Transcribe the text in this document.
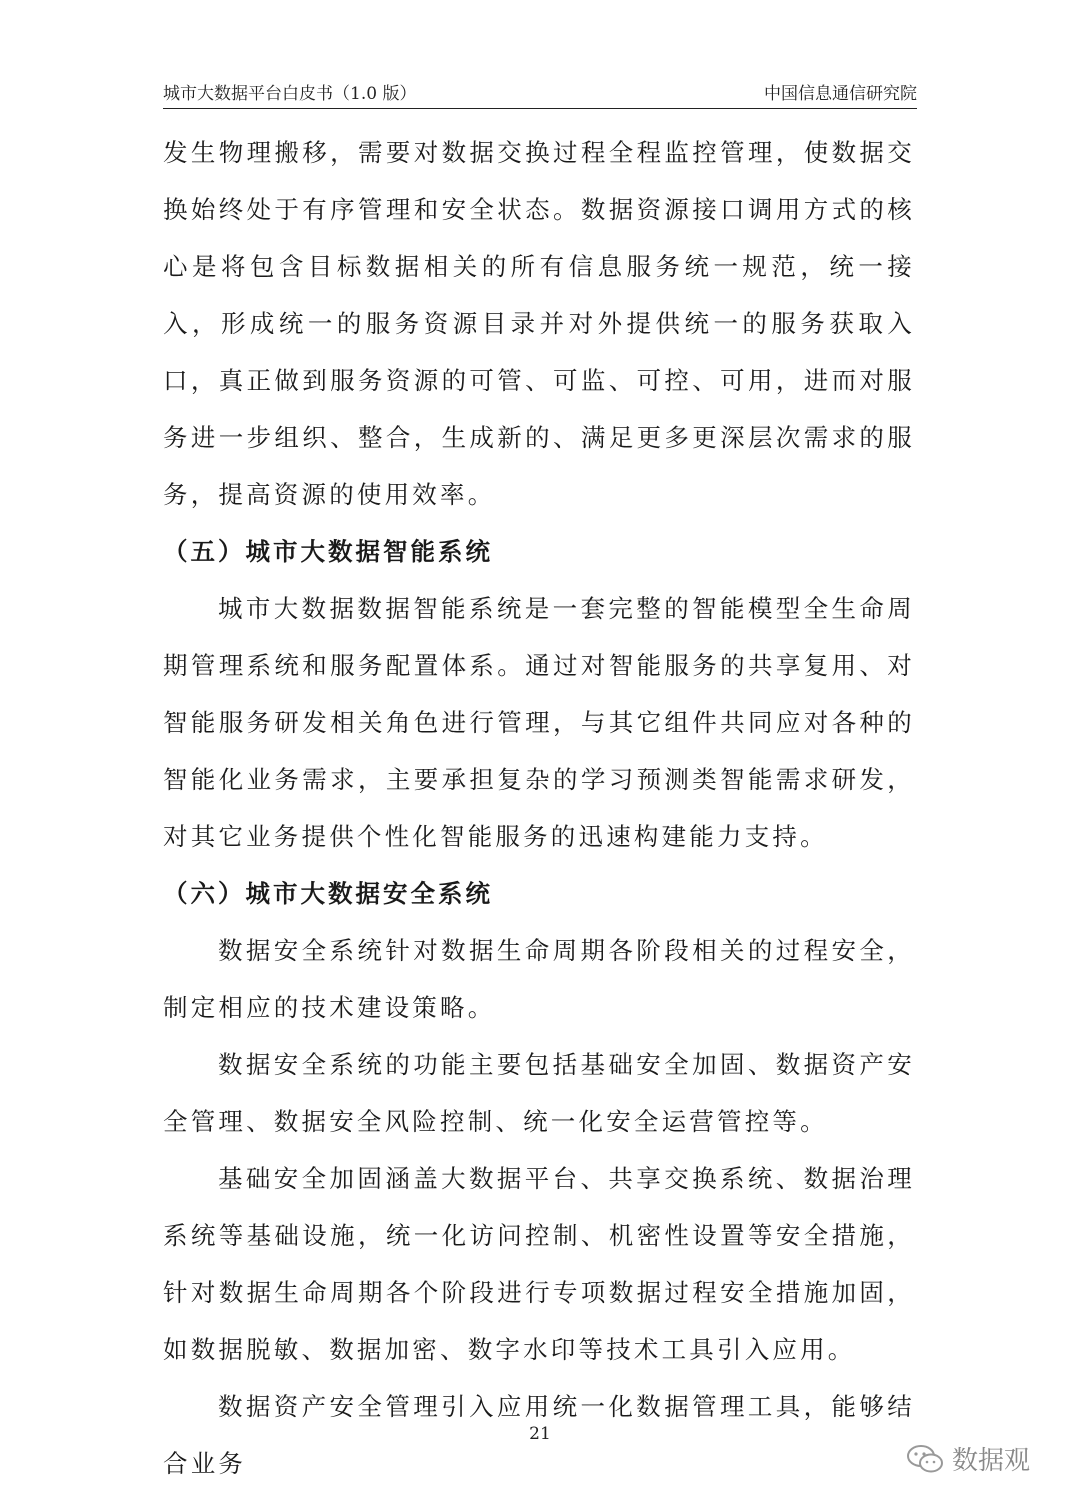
城市大数据平台白皮书（1.0 版）	中国信息通信研究院

发生物理搬移，需要对数据交换过程全程监控管理，使数据交换始终处于有序管理和安全状态。数据资源接口调用方式的核心是将包含目标数据相关的所有信息服务统一规范，统一接入，形成统一的服务资源目录并对外提供统一的服务获取入口，真正做到服务资源的可管、可监、可控、可用，进而对服务进一步组织、整合，生成新的、满足更多更深层次需求的服务，提高资源的使用效率。

（五）城市大数据智能系统

城市大数据数据智能系统是一套完整的智能模型全生命周期管理系统和服务配置体系。通过对智能服务的共享复用、对智能服务研发相关角色进行管理，与其它组件共同应对各种的智能化业务需求，主要承担复杂的学习预测类智能需求研发，对其它业务提供个性化智能服务的迅速构建能力支持。

（六）城市大数据安全系统

数据安全系统针对数据生命周期各阶段相关的过程安全，制定相应的技术建设策略。

数据安全系统的功能主要包括基础安全加固、数据资产安全管理、数据安全风险控制、统一化安全运营管控等。

基础安全加固涵盖大数据平台、共享交换系统、数据治理系统等基础设施，统一化访问控制、机密性设置等安全措施，针对数据生命周期各个阶段进行专项数据过程安全措施加固，如数据脱敏、数据加密、数字水印等技术工具引入应用。

数据资产安全管理引入应用统一化数据管理工具，能够结合业务

21
数据观
